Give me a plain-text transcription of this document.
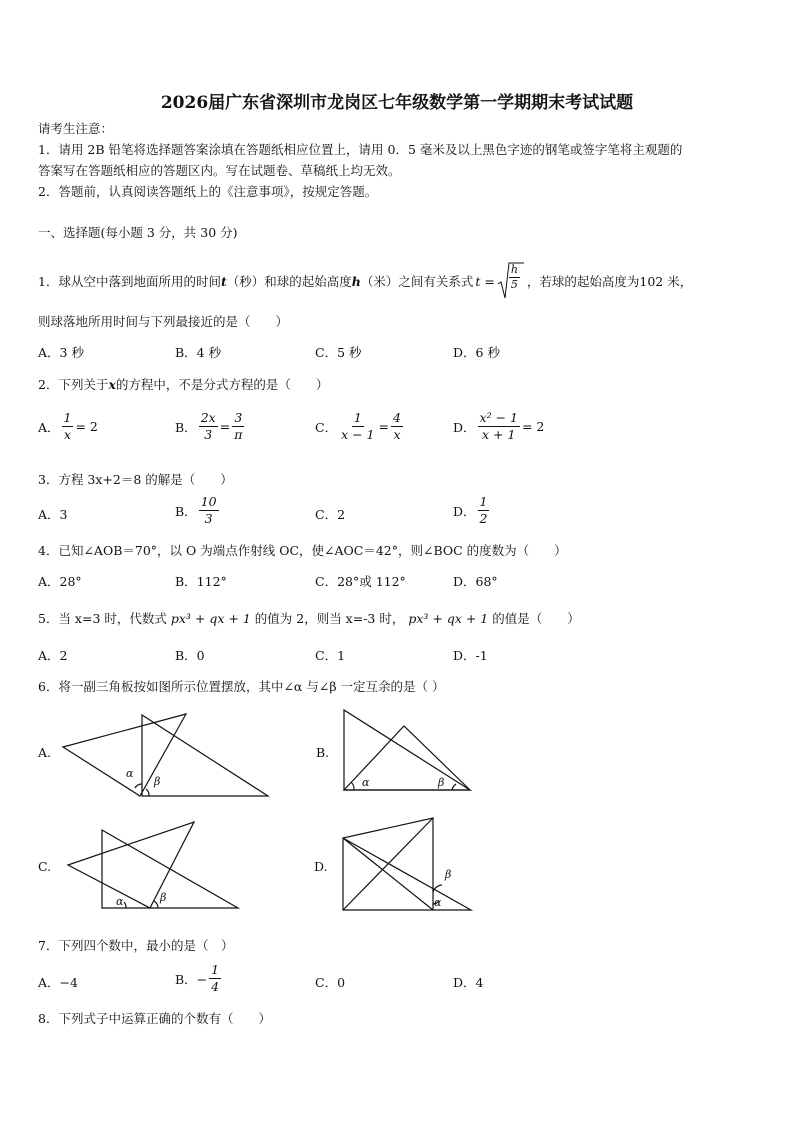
2026届广东省深圳市龙岗区七年级数学第一学期期末考试试题
请考生注意：
1．请用 2B 铅笔将选择题答案涂填在答题纸相应位置上，请用 0．5 毫米及以上黑色字迹的钢笔或签字笔将主观题的
答案写在答题纸相应的答题区内。写在试题卷、草稿纸上均无效。
2．答题前，认真阅读答题纸上的《注意事项》，按规定答题。
一、选择题(每小题 3 分，共 30 分)
1．球从空中落到地面所用的时间 t （秒）和球的起始高度 h （米）之间有关系式 $t = \frac{h}{5}$ ，若球的起始高度为102 米，
则球落地所用时间与下列最接近的是（　　）
A．3 秒	B．4 秒	C．5 秒	D．6 秒
2．下列关于x的方程中，不是分式方程的是（　　）
A． $\frac{1}{x} = 2$	B． $\frac{2x}{3} = \frac{3}{\pi}$	C． $\frac{1}{x - 1} = \frac{4}{x}$	D． $\frac{\text{x² − 1}}{x + 1} = 2$
3．方程 3x+2＝8 的解是（　　）
A．3	B． $\frac{10}{3}$	C．2	D． $\frac{1}{2}$
4．已知∠AOB＝70°，以 O 为端点作射线 OC，使∠AOC＝42°，则∠BOC 的度数为（　　）
A．28°	B．112°	C．28°或 112°	D．68°
5．当 x=3 时，代数式 px³ + qx + 1 的值为 2，则当 x=-3 时， px³ + qx + 1 的值是（　　）
A．2	B．0	C．1	D．-1
6．将一副三角板按如图所示位置摆放，其中∠α 与∠β 一定互余的是（ ）
A.
α
β
B.
α	β
C.
α	β
D.
β
α
7．下列四个数中，最小的是（　）
A．−4	B．− $\frac{1}{4}$	C．0	D．4
8．下列式子中运算正确的个数有（　　）
